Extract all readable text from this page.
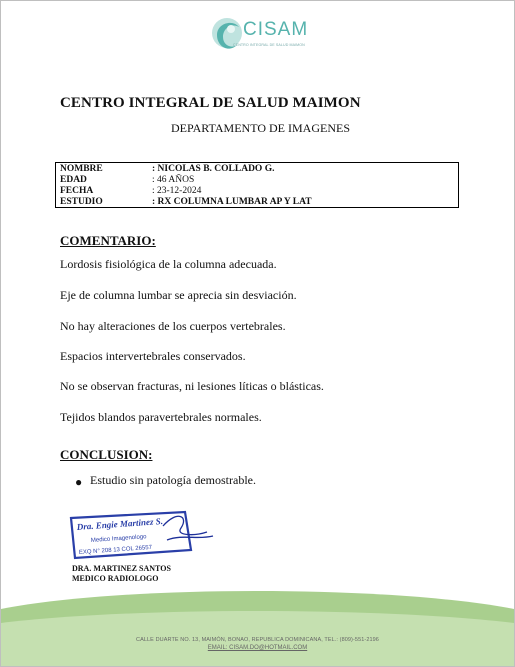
CISAM
CENTRO INTEGRAL DE SALUD MAIMON
CENTRO INTEGRAL DE SALUD MAIMON
DEPARTAMENTO DE IMAGENES
NOMBRE	: NICOLAS B. COLLADO G.
EDAD	: 46 AÑOS
FECHA	: 23-12-2024
ESTUDIO	: RX COLUMNA LUMBAR AP Y LAT
COMENTARIO:
Lordosis fisiológica de la columna adecuada.
Eje de columna lumbar se aprecia sin desviación.
No hay alteraciones de los cuerpos vertebrales.
Espacios intervertebrales conservados.
No se observan fracturas, ni lesiones líticas o blásticas.
Tejidos blandos paravertebrales normales.
CONCLUSION:
● Estudio sin patología demostrable.
Dra. Engie Martinez S.
Medico Imagenologo
EXQ N° 208 13 COL 26557
DRA. MARTINEZ SANTOS
MEDICO RADIOLOGO
CALLE DUARTE NO. 13, MAIMÓN, BONAO, REPUBLICA DOMINICANA, TEL.: (809)-551-2196
EMAIL: CISAM.DO@HOTMAIL.COM
